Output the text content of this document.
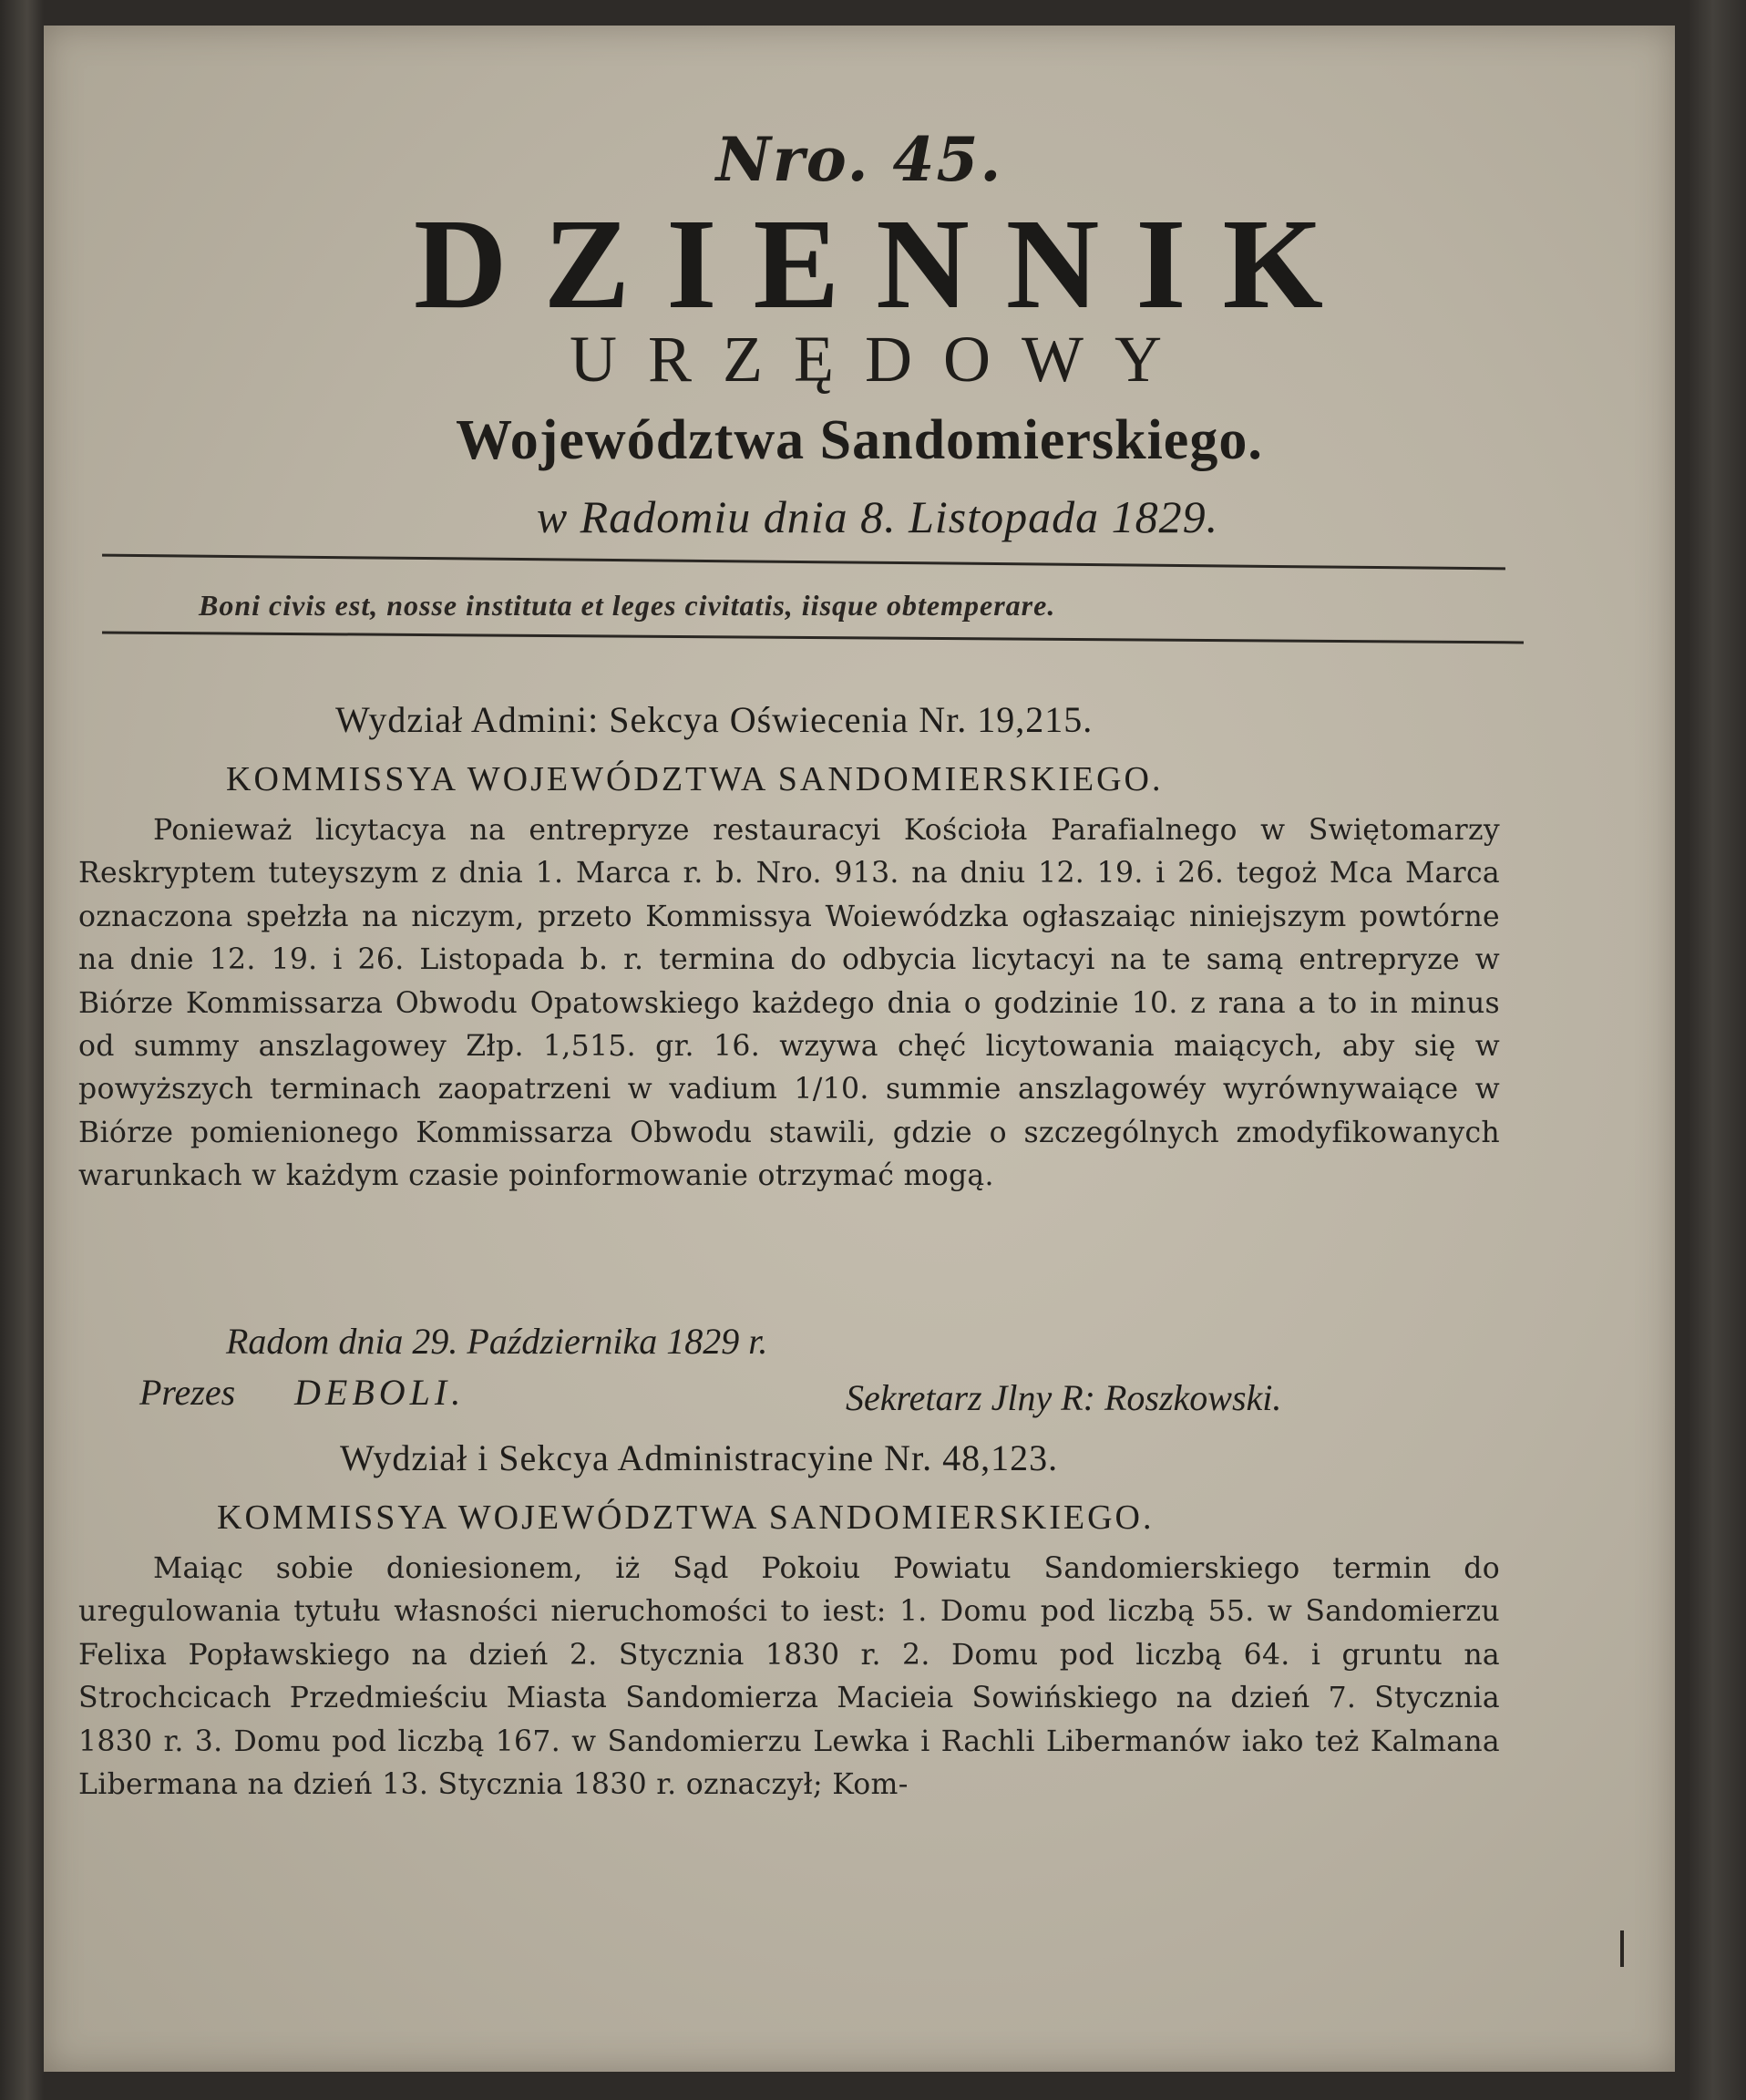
Nro. 45.
DZIENNIK
URZĘDOWY
Województwa Sandomierskiego.
w Radomiu dnia 8. Listopada 1829.
Boni civis est, nosse instituta et leges civitatis, iisque obtemperare.
Wydział Admini: Sekcya Oświecenia Nr. 19,215.
KOMMISSYA WOJEWÓDZTWA SANDOMIERSKIEGO.
Ponieważ licytacya na entrepryze restauracyi Kościoła Parafialnego w Swiętomarzy Reskryptem tuteyszym z dnia 1. Marca r. b. Nro. 913. na dniu 12. 19. i 26. tegoż Mca Marca oznaczona spełzła na niczym, przeto Kommissya Woiewódzka ogłaszaiąc niniejszym powtórne na dnie 12. 19. i 26. Listopada b. r. termina do odbycia licytacyi na te samą entrepryze w Biórze Kommissarza Obwodu Opatowskiego każdego dnia o godzinie 10. z rana a to in minus od summy anszlagowey Złp. 1,515. gr. 16. wzywa chęć licytowania maiących, aby się w powyższych terminach zaopatrzeni w vadium 1/10. summie anszlagowéy wyrównywaiące w Biórze pomienionego Kommissarza Obwodu stawili, gdzie o szczególnych zmodyfikowanych warunkach w każdym czasie poinformowanie otrzymać mogą.
Radom dnia 29. Października 1829 r.
Prezes	DEBOLI.	Sekretarz Jlny R: Roszkowski.
Wydział i Sekcya Administracyine Nr. 48,123.
KOMMISSYA WOJEWÓDZTWA SANDOMIERSKIEGO.
Maiąc sobie doniesionem, iż Sąd Pokoiu Powiatu Sandomierskiego termin do uregulowania tytułu własności nieruchomości to iest: 1. Domu pod liczbą 55. w Sandomierzu Felixa Popławskiego na dzień 2. Stycznia 1830 r. 2. Domu pod liczbą 64. i gruntu na Strochcicach Przedmieściu Miasta Sandomierza Macieia Sowińskiego na dzień 7. Stycznia 1830 r. 3. Domu pod liczbą 167. w Sandomierzu Lewka i Rachli Libermanów iako też Kalmana Libermana na dzień 13. Stycznia 1830 r. oznaczył; Kom-
